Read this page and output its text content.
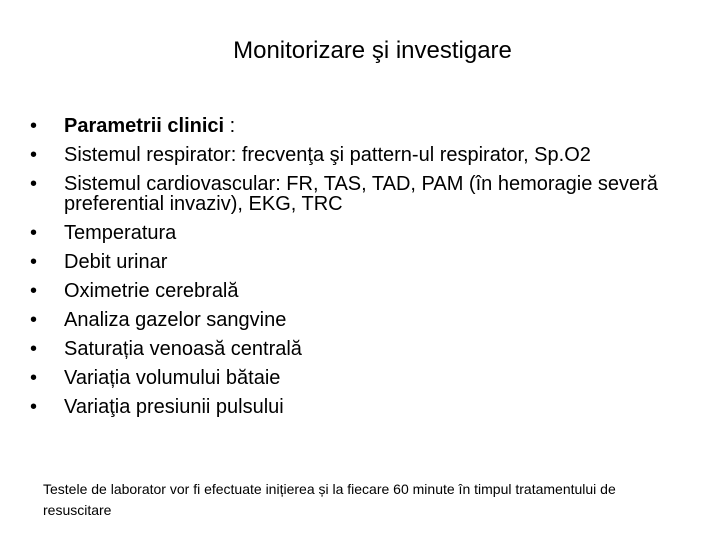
Monitorizare şi investigare
• Parametrii clinici :
• Sistemul respirator: frecvenţa şi pattern-ul respirator, Sp.O2
• Sistemul cardiovascular: FR, TAS, TAD, PAM (în hemoragie severă preferential invaziv), EKG, TRC
• Temperatura
• Debit urinar
• Oximetrie cerebrală
• Analiza gazelor sangvine
• Saturația venoasă centrală
• Variația volumului bătaie
• Variaţia presiunii pulsului
Testele de laborator vor fi efectuate inițierea și la fiecare 60 minute în timpul tratamentului de resuscitare
